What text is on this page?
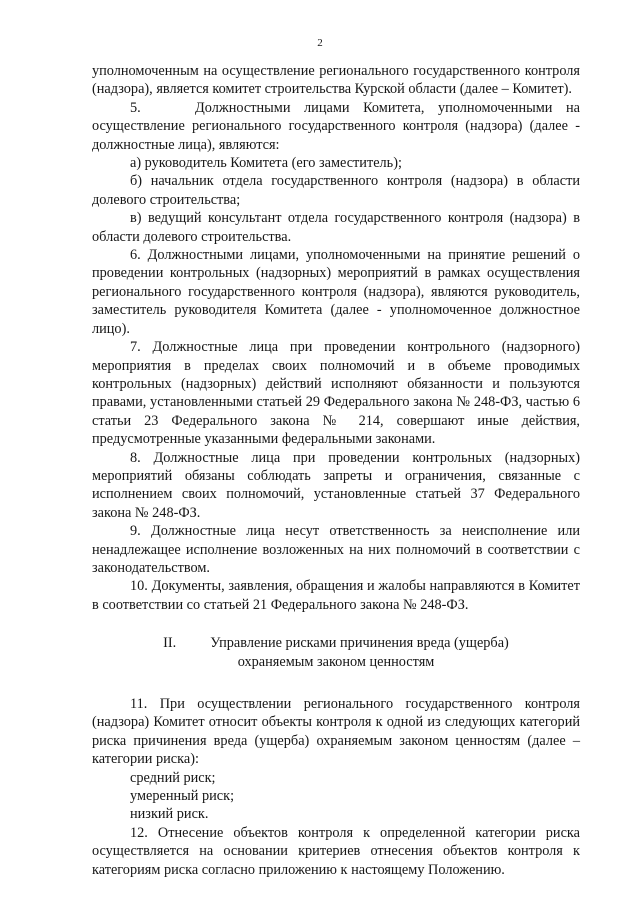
2

уполномоченным на осуществление регионального государственного контроля (надзора), является комитет строительства Курской области (далее – Комитет).

5.    Должностными лицами Комитета, уполномоченными на осуществление регионального государственного контроля (надзора) (далее - должностные лица), являются:

а) руководитель Комитета (его заместитель);

б) начальник отдела государственного контроля (надзора) в области долевого строительства;

в) ведущий консультант отдела государственного контроля (надзора) в области долевого строительства.

6. Должностными лицами, уполномоченными на принятие решений о проведении контрольных (надзорных) мероприятий в рамках осуществления регионального государственного контроля (надзора), являются руководитель, заместитель руководителя Комитета (далее - уполномоченное должностное лицо).

7. Должностные лица при проведении контрольного (надзорного) мероприятия в пределах своих полномочий и в объеме проводимых контрольных (надзорных) действий исполняют обязанности и пользуются правами, установленными статьей 29 Федерального закона № 248-ФЗ, частью 6 статьи 23 Федерального закона № 214, совершают иные действия, предусмотренные указанными федеральными законами.

8. Должностные лица при проведении контрольных (надзорных) мероприятий обязаны соблюдать запреты и ограничения, связанные с исполнением своих полномочий, установленные статьей 37 Федерального закона № 248-ФЗ.

9. Должностные лица несут ответственность за неисполнение или ненадлежащее исполнение возложенных на них полномочий в соответствии с законодательством.

10. Документы, заявления, обращения и жалобы направляются в Комитет в соответствии со статьей 21 Федерального закона № 248-ФЗ.

II. Управление рисками причинения вреда (ущерба)
охраняемым законом ценностям

11. При осуществлении регионального государственного контроля (надзора) Комитет относит объекты контроля к одной из следующих категорий риска причинения вреда (ущерба) охраняемым законом ценностям (далее – категории риска):

средний риск;

умеренный риск;

низкий риск.

12. Отнесение объектов контроля к определенной категории риска осуществляется на основании критериев отнесения объектов контроля к категориям риска согласно приложению к настоящему Положению.
